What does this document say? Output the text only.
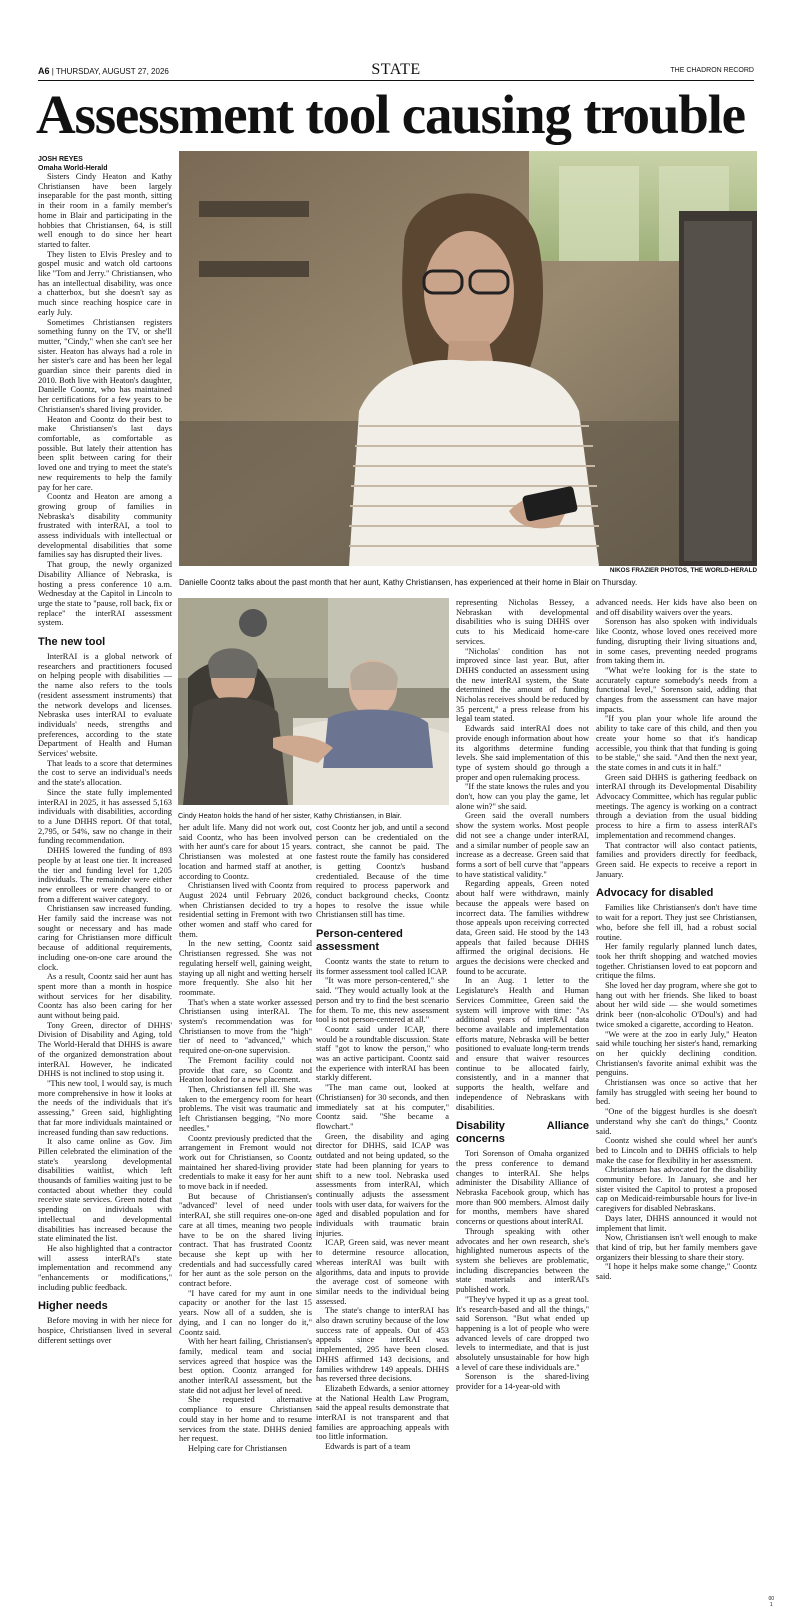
A6 | THURSDAY, AUGUST 27, 2026	STATE	THE CHADRON RECORD
Assessment tool causing trouble
JOSH REYES
Omaha World-Herald
NIKOS FRAZIER PHOTOS, THE WORLD-HERALD
Danielle Coontz talks about the past month that her aunt, Kathy Christiansen, has experienced at their home in Blair on Thursday.
Cindy Heaton holds the hand of her sister, Kathy Christiansen, in Blair.

Sisters Cindy Heaton and Kathy Christiansen have been largely inseparable for the past month, sitting in their room in a family member's home in Blair and participating in the hobbies that Christiansen, 64, is still well enough to do since her heart started to falter.

They listen to Elvis Presley and to gospel music and watch old cartoons like "Tom and Jerry." Christiansen, who has an intellectual disability, was once a chatterbox, but she doesn't say as much since reaching hospice care in early July.

Sometimes Christiansen registers something funny on the TV, or she'll mutter, "Cindy," when she can't see her sister. Heaton has always had a role in her sister's care and has been her legal guardian since their parents died in 2010. Both live with Heaton's daughter, Danielle Coontz, who has maintained her certifications for a few years to be Christiansen's shared living provider.

Heaton and Coontz do their best to make Christiansen's last days comfortable, as comfortable as possible. But lately their attention has been split between caring for their loved one and trying to meet the state's new requirements to help the family pay for her care.

Coontz and Heaton are among a growing group of families in Nebraska's disability community frustrated with interRAI, a tool to assess individuals with intellectual or developmental disabilities that some families say has disrupted their lives.

That group, the newly organized Disability Alliance of Nebraska, is hosting a press conference 10 a.m. Wednesday at the Capitol in Lincoln to urge the state to "pause, roll back, fix or replace" the interRAI assessment system.

The new tool

InterRAI is a global network of researchers and practitioners focused on helping people with disabilities — the name also refers to the tools (resident assessment instruments) that the network develops and licenses. Nebraska uses interRAI to evaluate individuals' needs, strengths and preferences, according to the state Department of Health and Human Services' website.

That leads to a score that determines the cost to serve an individual's needs and the state's allocation.

Since the state fully implemented interRAI in 2025, it has assessed 5,163 individuals with disabilities, according to a June DHHS report. Of that total, 2,795, or 54%, saw no change in their funding recommendation.

DHHS lowered the funding of 893 people by at least one tier. It increased the tier and funding level for 1,205 individuals. The remainder were either new enrollees or were changed to or from a different waiver category.

Christiansen saw increased funding. Her family said the increase was not sought or necessary and has made caring for Christiansen more difficult because of additional requirements, including one-on-one care around the clock.

As a result, Coontz said her aunt has spent more than a month in hospice without services for her disability. Coontz has also been caring for her aunt without being paid.

Tony Green, director of DHHS' Division of Disability and Aging, told The World-Herald that DHHS is aware of the organized demonstration about interRAI. However, he indicated DHHS is not inclined to stop using it.

"This new tool, I would say, is much more comprehensive in how it looks at the needs of the individuals that it's assessing," Green said, highlighting that far more individuals maintained or increased funding than saw reductions.

It also came online as Gov. Jim Pillen celebrated the elimination of the state's yearslong developmental disabilities waitlist, which left thousands of families waiting just to be contacted about whether they could receive state services. Green noted that spending on individuals with intellectual and developmental disabilities has increased because the state eliminated the list.

He also highlighted that a contractor will assess interRAI's state implementation and recommend any "enhancements or modifications," including public feedback.

Higher needs

Before moving in with her niece for hospice, Christiansen lived in several different settings over

her adult life. Many did not work out, said Coontz, who has been involved with her aunt's care for about 15 years. Christiansen was molested at one location and harmed staff at another, according to Coontz.

Christiansen lived with Coontz from August 2024 until February 2026, when Christiansen decided to try a residential setting in Fremont with two other women and staff who cared for them.

In the new setting, Coontz said Christiansen regressed. She was not regulating herself well, gaining weight, staying up all night and wetting herself more frequently. She also hit her roommate.

That's when a state worker assessed Christiansen using interRAI. The system's recommendation was for Christiansen to move from the "high" tier of need to "advanced," which required one-on-one supervision.

The Fremont facility could not provide that care, so Coontz and Heaton looked for a new placement.

Then, Christiansen fell ill. She was taken to the emergency room for heart problems. The visit was traumatic and left Christiansen begging, "No more needles."

Coontz previously predicted that the arrangement in Fremont would not work out for Christiansen, so Coontz maintained her shared-living provider credentials to make it easy for her aunt to move back in if needed.

But because of Christiansen's "advanced" level of need under interRAI, she still requires one-on-one care at all times, meaning two people have to be on the shared living contract. That has frustrated Coontz because she kept up with her credentials and had successfully cared for her aunt as the sole person on the contract before.

"I have cared for my aunt in one capacity or another for the last 15 years. Now all of a sudden, she is dying, and I can no longer do it," Coontz said.

With her heart failing, Christiansen's family, medical team and social services agreed that hospice was the best option. Coontz arranged for another interRAI assessment, but the state did not adjust her level of need.

She requested alternative compliance to ensure Christiansen could stay in her home and to resume services from the state. DHHS denied her request.

Helping care for Christiansen

cost Coontz her job, and until a second person can be credentialed on the contract, she cannot be paid. The fastest route the family has considered is getting Coontz's husband credentialed. Because of the time required to process paperwork and conduct background checks, Coontz hopes to resolve the issue while Christiansen still has time.

Person-centered assessment

Coontz wants the state to return to its former assessment tool called ICAP.

"It was more person-centered," she said. "They would actually look at the person and try to find the best scenario for them. To me, this new assessment tool is not person-centered at all."

Coontz said under ICAP, there would be a roundtable discussion. State staff "got to know the person," who was an active participant. Coontz said the experience with interRAI has been starkly different.

"The man came out, looked at (Christiansen) for 30 seconds, and then immediately sat at his computer," Coontz said. "She became a flowchart."

Green, the disability and aging director for DHHS, said ICAP was outdated and not being updated, so the state had been planning for years to shift to a new tool. Nebraska used assessments from interRAI, which continually adjusts the assessment tools with user data, for waivers for the aged and disabled population and for individuals with traumatic brain injuries.

ICAP, Green said, was never meant to determine resource allocation, whereas interRAI was built with algorithms, data and inputs to provide the average cost of someone with similar needs to the individual being assessed.

The state's change to interRAI has also drawn scrutiny because of the low success rate of appeals. Out of 453 appeals since interRAI was implemented, 295 have been closed. DHHS affirmed 143 decisions, and families withdrew 149 appeals. DHHS has reversed three decisions.

Elizabeth Edwards, a senior attorney at the National Health Law Program, said the appeal results demonstrate that interRAI is not transparent and that families are approaching appeals with too little information.

Edwards is part of a team

representing Nicholas Bessey, a Nebraskan with developmental disabilities who is suing DHHS over cuts to his Medicaid home-care services.

"Nicholas' condition has not improved since last year. But, after DHHS conducted an assessment using the new interRAI system, the State determined the amount of funding Nicholas receives should be reduced by 35 percent," a press release from his legal team stated.

Edwards said interRAI does not provide enough information about how its algorithms determine funding levels. She said implementation of this type of system should go through a proper and open rulemaking process.

"If the state knows the rules and you don't, how can you play the game, let alone win?" she said.

Green said the overall numbers show the system works. Most people did not see a change under interRAI, and a similar number of people saw an increase as a decrease. Green said that forms a sort of bell curve that "appears to have statistical validity."

Regarding appeals, Green noted about half were withdrawn, mainly because the appeals were based on incorrect data. The families withdrew those appeals upon receiving corrected data, Green said. He stood by the 143 appeals that failed because DHHS affirmed the original decisions. He argues the decisions were checked and found to be accurate.

In an Aug. 1 letter to the Legislature's Health and Human Services Committee, Green said the system will improve with time: "As additional years of interRAI data become available and implementation efforts mature, Nebraska will be better positioned to evaluate long-term trends and ensure that waiver resources continue to be allocated fairly, consistently, and in a manner that supports the health, welfare and independence of Nebraskans with disabilities.

Disability Alliance concerns

Tori Sorenson of Omaha organized the press conference to demand changes to interRAI. She helps administer the Disability Alliance of Nebraska Facebook group, which has more than 900 members. Almost daily for months, members have shared concerns or questions about interRAI.

Through speaking with other advocates and her own research, she's highlighted numerous aspects of the system she believes are problematic, including discrepancies between the state materials and interRAI's published work.

"They've hyped it up as a great tool. It's research-based and all the things," said Sorenson. "But what ended up happening is a lot of people who were advanced levels of care dropped two levels to intermediate, and that is just absolutely unsustainable for how high a level of care these individuals are."

Sorenson is the shared-living provider for a 14-year-old with

advanced needs. Her kids have also been on and off disability waivers over the years.

Sorenson has also spoken with individuals like Coontz, whose loved ones received more funding, disrupting their living situations and, in some cases, preventing needed programs from taking them in.

"What we're looking for is the state to accurately capture somebody's needs from a functional level," Sorenson said, adding that changes from the assessment can have major impacts.

"If you plan your whole life around the ability to take care of this child, and then you create your home so that it's handicap accessible, you think that that funding is going to be stable," she said. "And then the next year, the state comes in and cuts it in half."

Green said DHHS is gathering feedback on interRAI through its Developmental Disability Advocacy Committee, which has regular public meetings. The agency is working on a contract through a deviation from the usual bidding process to hire a firm to assess interRAI's implementation and recommend changes.

That contractor will also contact patients, families and providers directly for feedback, Green said. He expects to receive a report in January.

Advocacy for disabled

Families like Christiansen's don't have time to wait for a report. They just see Christiansen, who, before she fell ill, had a robust social routine.

Her family regularly planned lunch dates, took her thrift shopping and watched movies together. Christiansen loved to eat popcorn and critique the films.

She loved her day program, where she got to hang out with her friends. She liked to boast about her wild side — she would sometimes drink beer (non-alcoholic O'Doul's) and had twice smoked a cigarette, according to Heaton.

"We were at the zoo in early July," Heaton said while touching her sister's hand, remarking on her quickly declining condition. Christiansen's favorite animal exhibit was the penguins.

Christiansen was once so active that her family has struggled with seeing her bound to bed.

"One of the biggest hurdles is she doesn't understand why she can't do things," Coontz said.

Coontz wished she could wheel her aunt's bed to Lincoln and to DHHS officials to help make the case for flexibility in her assessment.

Christiansen has advocated for the disability community before. In January, she and her sister visited the Capitol to protest a proposed cap on Medicaid-reimbursable hours for live-in caregivers for disabled Nebraskans.

Days later, DHHS announced it would not implement that limit.

Now, Christiansen isn't well enough to make that kind of trip, but her family members gave organizers their blessing to share their story.

"I hope it helps make some change," Coontz said.

00
1
